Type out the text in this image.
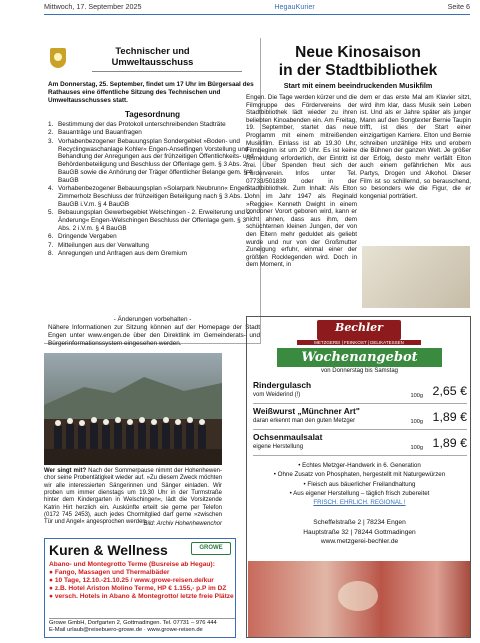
Mittwoch, 17. September 2025	HegauKurier	Seite 6
Technischer und
Umweltausschuss
Am Donnerstag, 25. September, findet um 17 Uhr im Bürgersaal des Rathauses eine öffentliche Sitzung des Technischen und Umweltausschusses statt.
Tagesordnung
1. Bestimmung der das Protokoll unterschreibenden Stadträte
2. Bauanträge und Bauanfragen
3. Vorhabenbezogener Bebauungsplan Sondergebiet »Boden- und Recyclingwaschanlage Kohler« Engen-Anselfingen Vorstellung und Behandlung der Anregungen aus der frühzeitigen Öffentlichkeits- und Behördenbeteiligung und Beschluss der Offenlage gem. § 3 Abs. 2 BauGB sowie die Anhörung der Träger öffentlicher Belange gem. § 4 BauGB
4. Vorhabenbezogener Bebauungsplan »Solarpark Neubrunn« Engen-Zimmerholz Beschluss der frühzeitigen Beteiligung nach § 3 Abs. 1 BauGB i.V.m. § 4 BauGB
5. Bebauungsplan Gewerbegebiet Welschingen - 2. Erweiterung und 2. Änderung« Engen-Welschingen Beschluss der Offenlage gem. § 3 Abs. 2 i.V.m. § 4 BauGB
6. Dringende Vergaben
7. Mitteilungen aus der Verwaltung
8. Anregungen und Anfragen aus dem Gremium
- Änderungen vorbehalten -
Nähere Informationen zur Sitzung können auf der Homepage der Stadt Engen unter www.engen.de über den Direktlink im Gemeinderats- und Bürgerinformationssystem eingesehen werden.
Wer singt mit? Nach der Sommerpause nimmt der Hohenhewen-chor seine Probentätigkeit wieder auf. »Zu diesem Zweck möchten wir alle interessierten Sängerinnen und Sänger einladen. Wir proben um immer dienstags um 19.30 Uhr in der Turmstraße hinter dem Kindergarten in Welschingen«, lädt die Vorsitzende Katrin Hirt herzlich ein. Auskünfte erteilt sie gerne per Telefon (0172 745 2453), auch jedes Chormitglied darf gerne »zwischen Tür und Angel« angesprochen werden.
Bild: Archiv Hohenhewenchor
Kuren & Wellness	GROWE
Abano- und Montegrotto Terme (Busreise ab Hegau):
● Fango, Massagen und Thermalbäder
● 10 Tage, 12.10.-21.10.25 / www.growe-reisen.de/kur
● z.B. Hotel Ariston Molino Terme, HP € 1.155,- p.P im DZ
● versch. Hotels in Abano & Montegrotto/ letzte freie Plätze
Growe GmbH, Dorfgarten 2, Gottmadingen. Tel. 07731 – 976 444
E-Mail urlaub@reisebuero-growe.de · www.growe-reisen.de
Neue Kinosaison
in der Stadtbibliothek
Start mit einem beeindruckenden Musikfilm
Engen. Die Tage werden kürzer und die Filmgruppe des Fördervereins der Stadtbibliothek lädt wieder zu ihren beliebten Kinoabenden ein. Am Freitag, 19. September, startet das neue Programm mit einem mitreißenden Musikfilm. Einlass ist ab 19.30 Uhr, Filmbeginn ist um 20 Uhr. Es ist keine Anmeldung erforderlich, der Eintritt ist frei. Über Spenden freut sich der Förderverein. Infos unter Tel. 07733/501839 oder in der Stadtbibliothek. Zum Inhalt: Als Elton John im Jahr 1947 als Reginald »Reggie« Kenneth Dwight in einem Londoner Vorort geboren wird, kann er nicht ahnen, dass aus ihm, dem schüchternen kleinen Jungen, der von den Eltern mehr geduldet als geliebt wurde und nur von der Großmutter Zuneigung erfuhr, einmal einer der größten Rocklegenden wird. Doch in dem Moment, in
dem er das erste Mal am Klavier sitzt, wird ihm klar, dass Musik sein Leben ist. Und als er Jahre später als junger Mann auf den Songtexter Bernie Taupin trifft, ist dies der Start einer einzigartigen Karriere. Elton und Bernie schreiben unzählige Hits und erobern die Bühnen der ganzen Welt. Je größer der Erfolg, desto mehr verfällt Elton auch einem gefährlichen Mix aus Partys, Drogen und Alkohol. Dieser Film ist so schillernd, so berauschend, so besonders wie die Figur, die er kongenial porträtiert.
Bechler
METZGEREI | FEINKOST | DELIKATESSEN
Wochenangebot
von Donnerstag bis Samstag
Rindergulasch
vom Weiderind (!)	100g 2,65 €
Weißwurst „Münchner Art"
daran erkennt man den guten Metzger	100g 1,89 €
Ochsenmaulsalat
eigene Herstellung	100g 1,89 €
• Echtes Metzger-Handwerk in 6. Generation
• Ohne Zusatz von Phosphaten, hergestellt mit Naturgewürzen
• Fleisch aus bäuerlicher Freilandhaltung
• Aus eigener Herstellung – täglich frisch zubereitet
FRISCH. EHRLICH. REGIONAL !
Scheffelstraße 2 | 78234 Engen
Hauptstraße 32 | 78244 Gottmadingen
www.metzgerei-bechler.de
